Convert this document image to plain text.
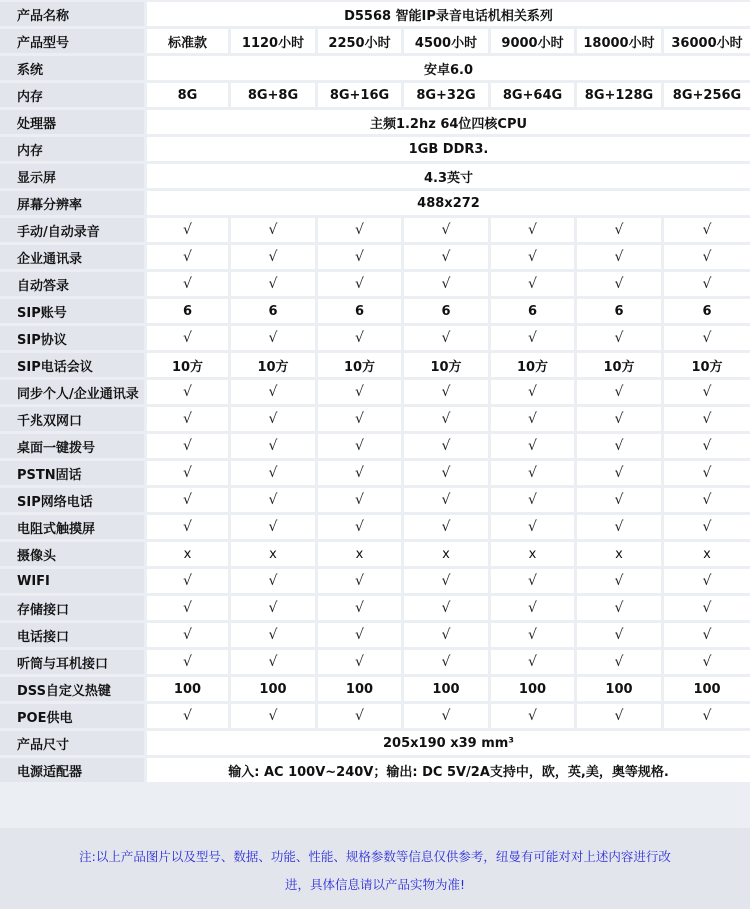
产品名称	D5568 智能IP录音电话机相关系列						
产品型号	标准款	1120小时	2250小时	4500小时	9000小时	18000小时	36000小时
系统	安卓6.0						
内存	8G	8G+8G	8G+16G	8G+32G	8G+64G	8G+128G	8G+256G
处理器	主频1.2hz 64位四核CPU						
内存	1GB DDR3.						
显示屏	4.3英寸						
屏幕分辨率	488x272						
手动/自动录音	√	√	√	√	√	√	√
企业通讯录	√	√	√	√	√	√	√
自动答录	√	√	√	√	√	√	√
SIP账号	6	6	6	6	6	6	6
SIP协议	√	√	√	√	√	√	√
SIP电话会议	10方	10方	10方	10方	10方	10方	10方
同步个人/企业通讯录	√	√	√	√	√	√	√
千兆双网口	√	√	√	√	√	√	√
桌面一键拨号	√	√	√	√	√	√	√
PSTN固话	√	√	√	√	√	√	√
SIP网络电话	√	√	√	√	√	√	√
电阻式触摸屏	√	√	√	√	√	√	√
摄像头	x	x	x	x	x	x	x
WIFI	√	√	√	√	√	√	√
存储接口	√	√	√	√	√	√	√
电话接口	√	√	√	√	√	√	√
听筒与耳机接口	√	√	√	√	√	√	√
DSS自定义热键	100	100	100	100	100	100	100
POE供电	√	√	√	√	√	√	√
产品尺寸	205x190 x39 mm³						
电源适配器	输入: AC 100V~240V；输出: DC 5V/2A支持中，欧，英,美，奥等规格.						

注:以上产品图片以及型号、数据、功能、性能、规格参数等信息仅供参考，纽曼有可能对对上述内容进行改

进，具体信息请以产品实物为准!
